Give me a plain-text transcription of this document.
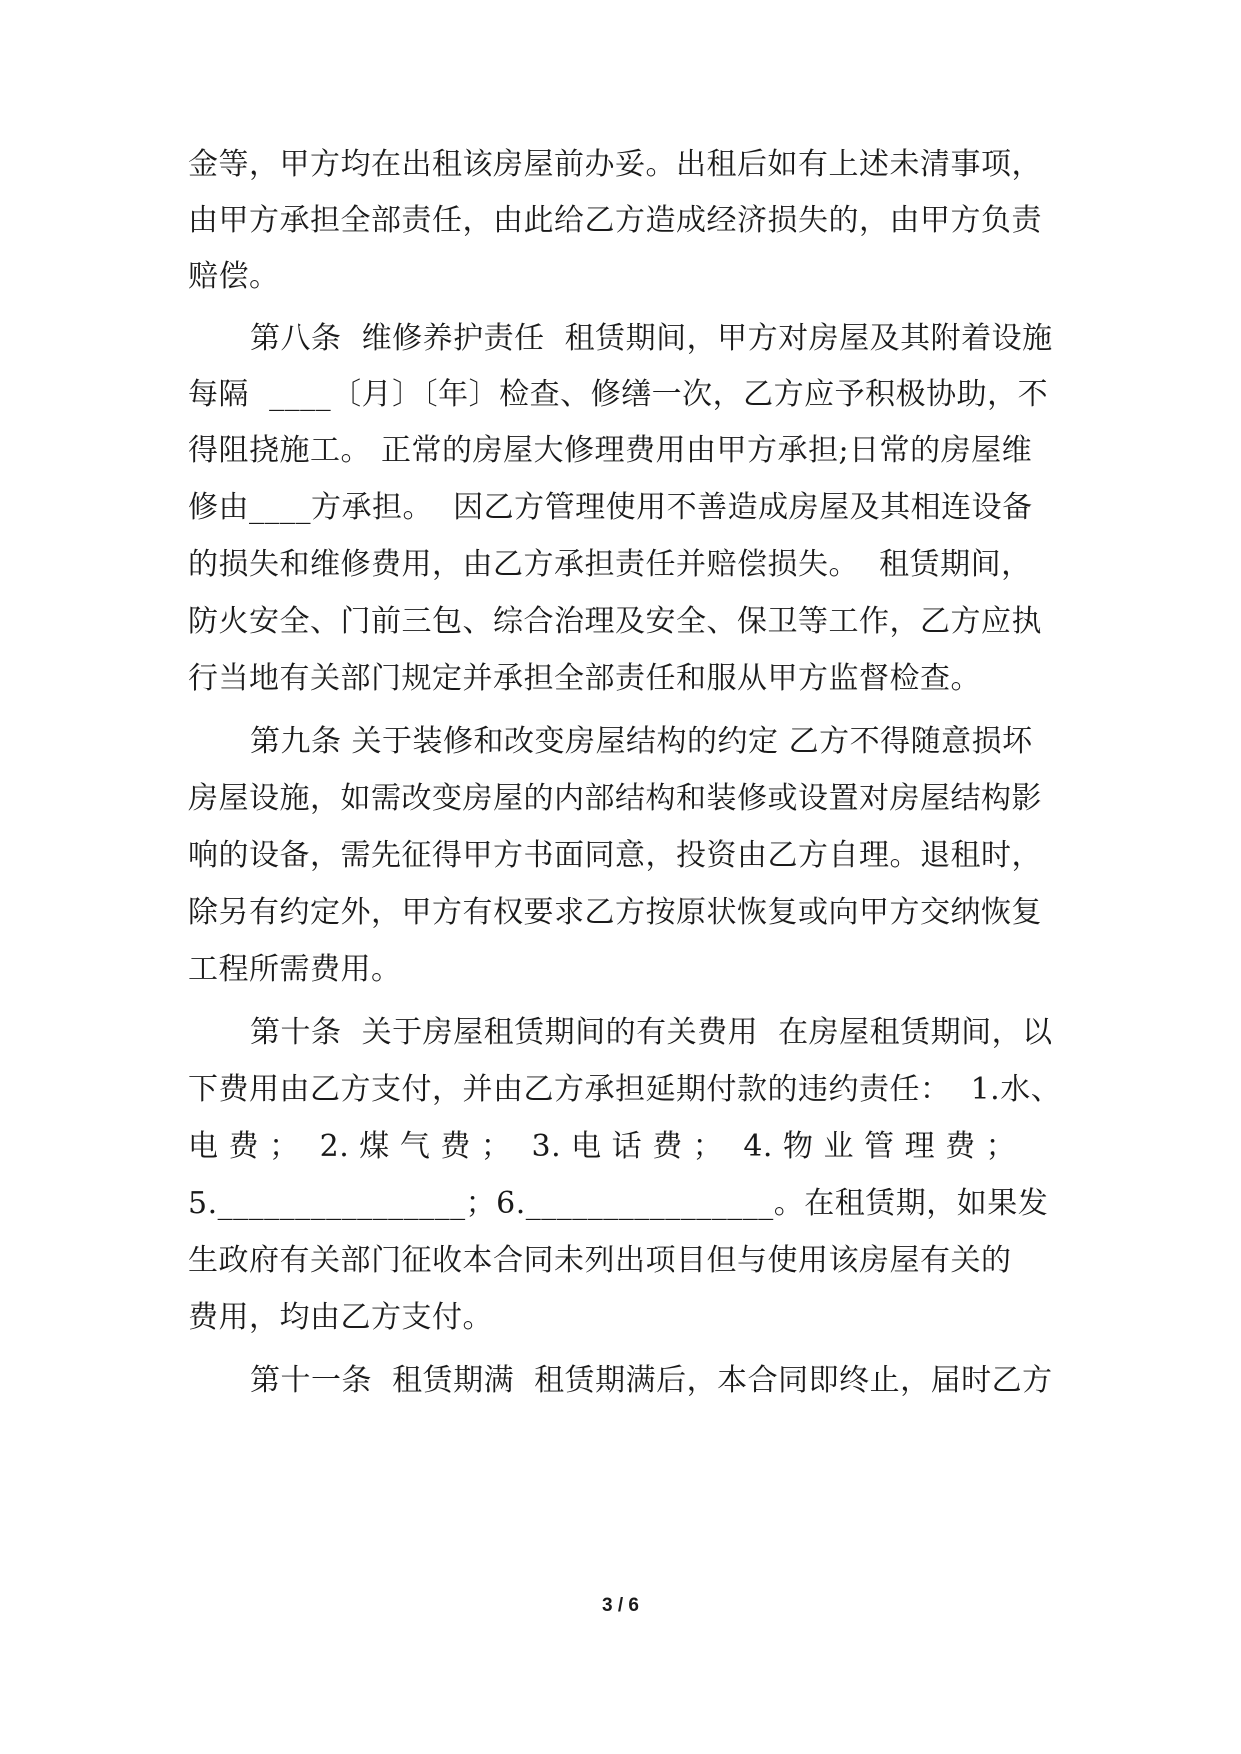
金等，甲方均在出租该房屋前办妥。出租后如有上述未清事项，
由甲方承担全部责任，由此给乙方造成经济损失的，由甲方负责
赔偿。
第八条  维修养护责任  租赁期间，甲方对房屋及其附着设施
每隔  ____〔月〕〔年〕检查、修缮一次，乙方应予积极协助，不
得阻挠施工。 正常的房屋大修理费用由甲方承担;日常的房屋维
修由____方承担。  因乙方管理使用不善造成房屋及其相连设备
的损失和维修费用，由乙方承担责任并赔偿损失。  租赁期间，
防火安全、门前三包、综合治理及安全、保卫等工作，乙方应执
行当地有关部门规定并承担全部责任和服从甲方监督检查。
第九条 关于装修和改变房屋结构的约定 乙方不得随意损坏
房屋设施，如需改变房屋的内部结构和装修或设置对房屋结构影
响的设备，需先征得甲方书面同意，投资由乙方自理。退租时，
除另有约定外，甲方有权要求乙方按原状恢复或向甲方交纳恢复
工程所需费用。
第十条  关于房屋租赁期间的有关费用  在房屋租赁期间，以
下费用由乙方支付，并由乙方承担延期付款的违约责任：  1.水、
电 费 ；  2. 煤 气 费 ；  3. 电 话 费 ；  4. 物 业 管 理 费 ；
5.________________；6.________________。在租赁期，如果发
生政府有关部门征收本合同未列出项目但与使用该房屋有关的
费用，均由乙方支付。
第十一条  租赁期满  租赁期满后，本合同即终止，届时乙方
3 / 6
